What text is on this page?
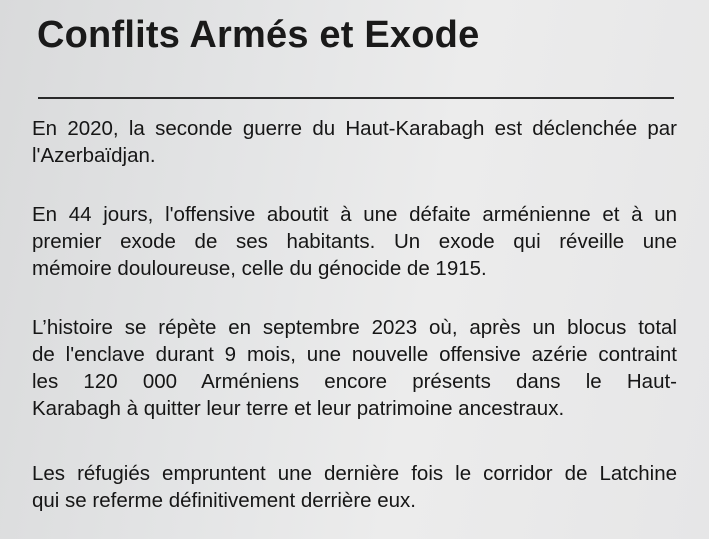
Conflits Armés et Exode
En 2020, la seconde guerre du Haut-Karabagh est déclenchée par
l'Azerbaïdjan.
En 44 jours, l'offensive aboutit à une défaite arménienne et à un
premier exode de ses habitants. Un exode qui réveille une
mémoire douloureuse, celle du génocide de 1915.
L’histoire se répète en septembre 2023 où, après un blocus total
de l'enclave durant 9 mois, une nouvelle offensive azérie contraint
les 120 000 Arméniens encore présents dans le Haut-
Karabagh à quitter leur terre et leur patrimoine ancestraux.
Les réfugiés empruntent une dernière fois le corridor de Latchine
qui se referme définitivement derrière eux.
